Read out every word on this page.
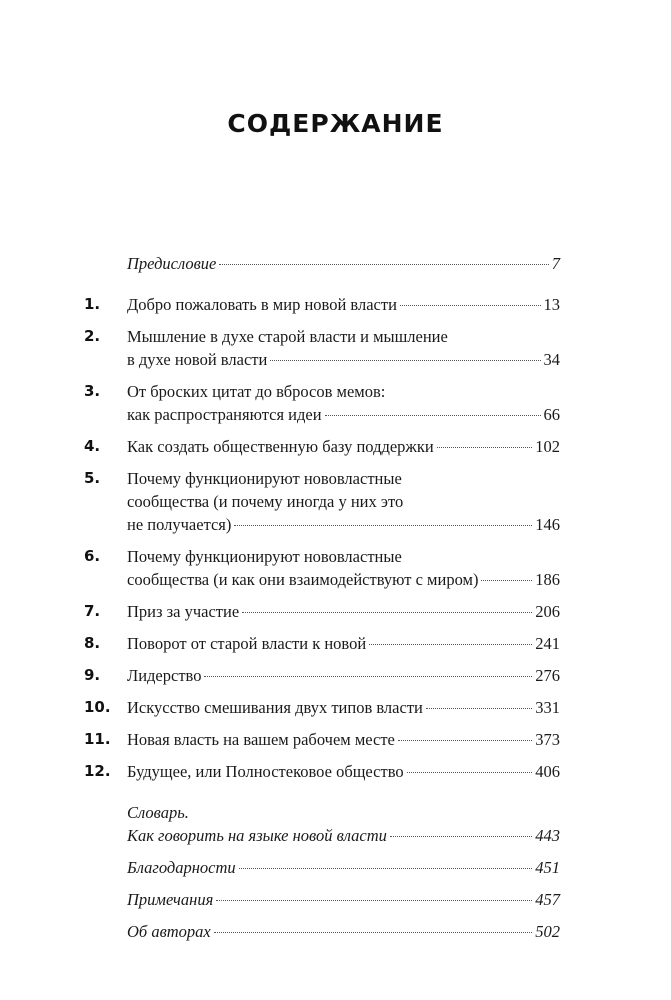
СОДЕРЖАНИЕ
Предисловие	7
1. Добро пожаловать в мир новой власти	13
2. Мышление в духе старой власти и мышление
в духе новой власти	34
3. От броских цитат до вбросов мемов:
как распространяются идеи	66
4. Как создать общественную базу поддержки	102
5. Почему функционируют нововластные
сообщества (и почему иногда у них это
не получается)	146
6. Почему функционируют нововластные
сообщества (и как они взаимодействуют с миром)	186
7. Приз за участие	206
8. Поворот от старой власти к новой	241
9. Лидерство	276
10. Искусство смешивания двух типов власти	331
11. Новая власть на вашем рабочем месте	373
12. Будущее, или Полностековое общество	406
Словарь.
Как говорить на языке новой власти	443
Благодарности	451
Примечания	457
Об авторах	502
